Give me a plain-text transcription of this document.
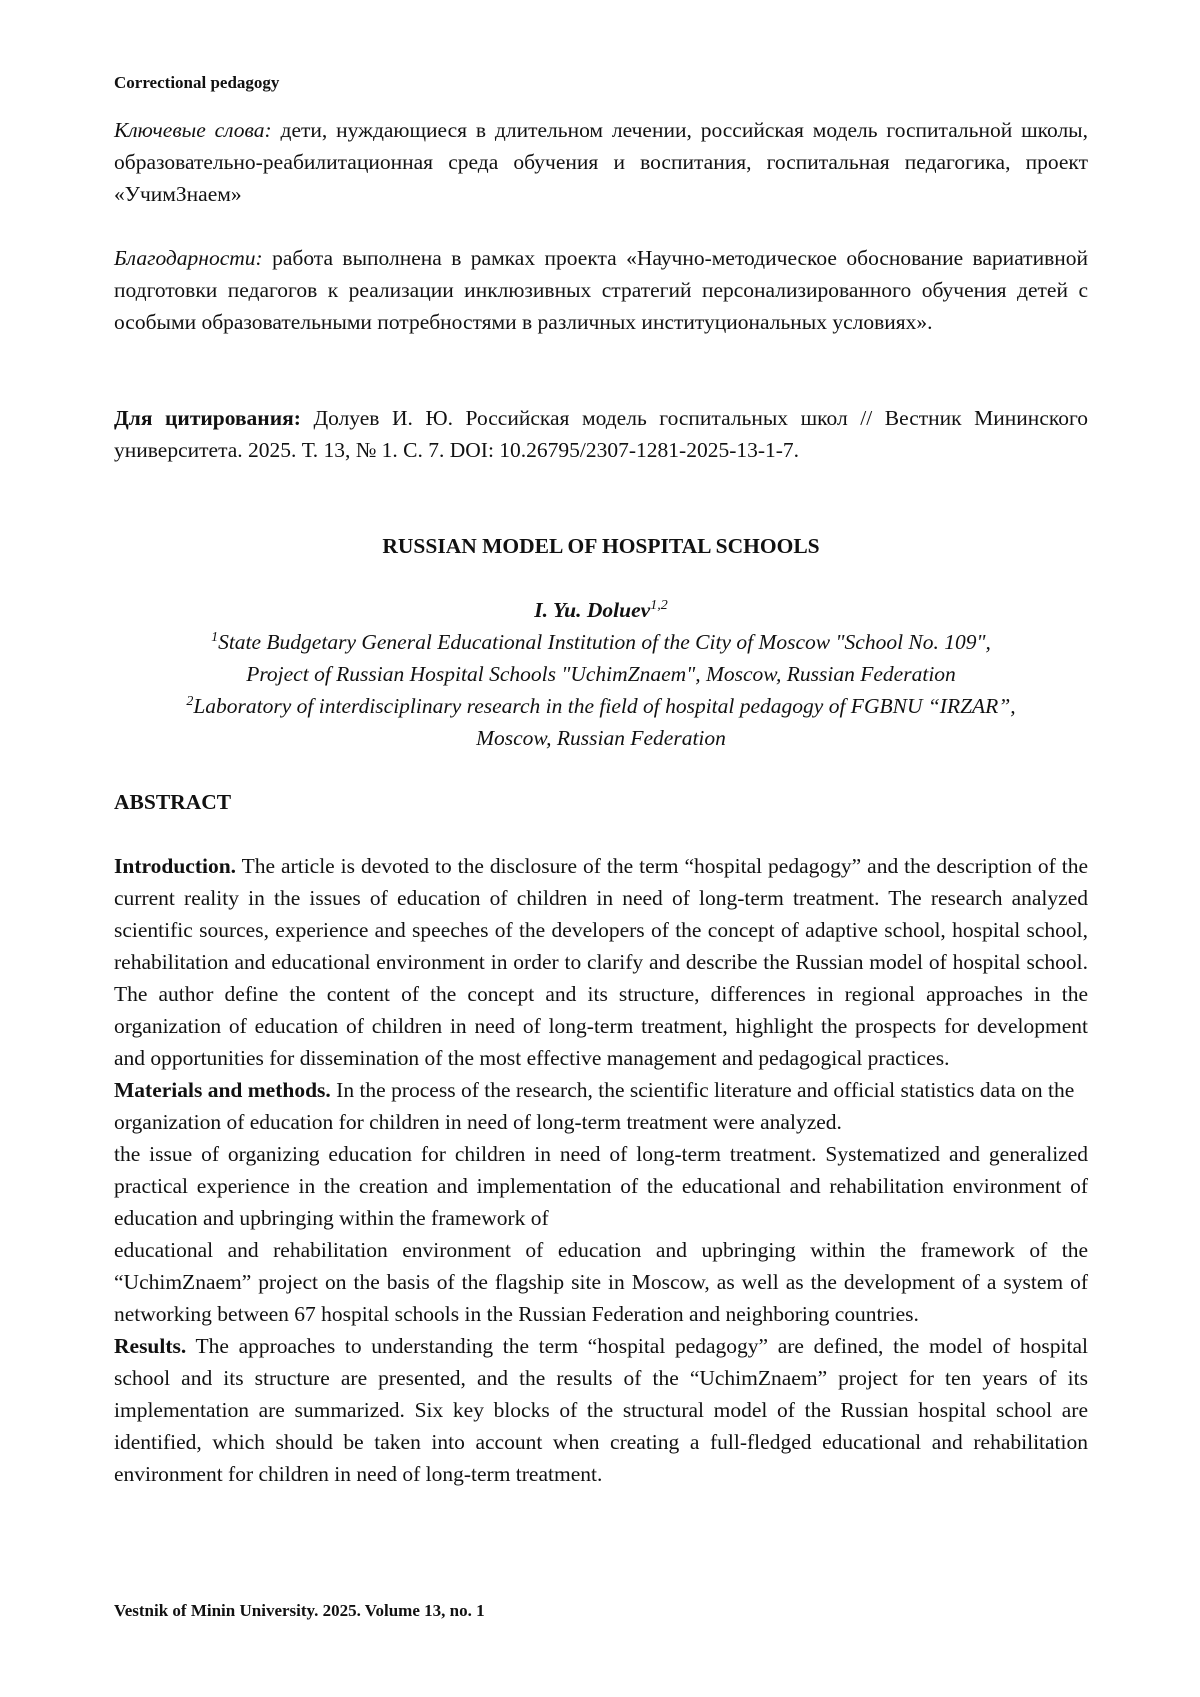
Correctional pedagogy

Ключевые слова: дети, нуждающиеся в длительном лечении, российская модель госпитальной школы, образовательно-реабилитационная среда обучения и воспитания, госпитальная педагогика, проект «УчимЗнаем»

Благодарности: работа выполнена в рамках проекта «Научно-методическое обоснование вариативной подготовки педагогов к реализации инклюзивных стратегий персонализированного обучения детей с особыми образовательными потребностями в различных институциональных условиях».

Для цитирования: Долуев И. Ю. Российская модель госпитальных школ // Вестник Мининского университета. 2025. Т. 13, № 1. С. 7. DOI: 10.26795/2307-1281-2025-13-1-7.

RUSSIAN MODEL OF HOSPITAL SCHOOLS

I. Yu. Doluev1,2

1State Budgetary General Educational Institution of the City of Moscow "School No. 109",

Project of Russian Hospital Schools "UchimZnaem", Moscow, Russian Federation

2Laboratory of interdisciplinary research in the field of hospital pedagogy of FGBNU “IRZAR”,

Moscow, Russian Federation

ABSTRACT

Introduction. The article is devoted to the disclosure of the term “hospital pedagogy” and the description of the current reality in the issues of education of children in need of long-term treatment. The research analyzed scientific sources, experience and speeches of the developers of the concept of adaptive school, hospital school, rehabilitation and educational environment in order to clarify and describe the Russian model of hospital school. The author define the content of the concept and its structure, differences in regional approaches in the organization of education of children in need of long-term treatment, highlight the prospects for development and opportunities for dissemination of the most effective management and pedagogical practices.

Materials and methods. In the process of the research, the scientific literature and official statistics data on the organization of education for children in need of long-term treatment were analyzed.

the issue of organizing education for children in need of long-term treatment. Systematized and generalized practical experience in the creation and implementation of the educational and rehabilitation environment of education and upbringing within the framework of

educational and rehabilitation environment of education and upbringing within the framework of the “UchimZnaem” project on the basis of the flagship site in Moscow, as well as the development of a system of networking between 67 hospital schools in the Russian Federation and neighboring countries.

Results. The approaches to understanding the term “hospital pedagogy” are defined, the model of hospital school and its structure are presented, and the results of the “UchimZnaem” project for ten years of its implementation are summarized. Six key blocks of the structural model of the Russian hospital school are identified, which should be taken into account when creating a full-fledged educational and rehabilitation environment for children in need of long-term treatment.

Vestnik of Minin University. 2025. Volume 13, no. 1
